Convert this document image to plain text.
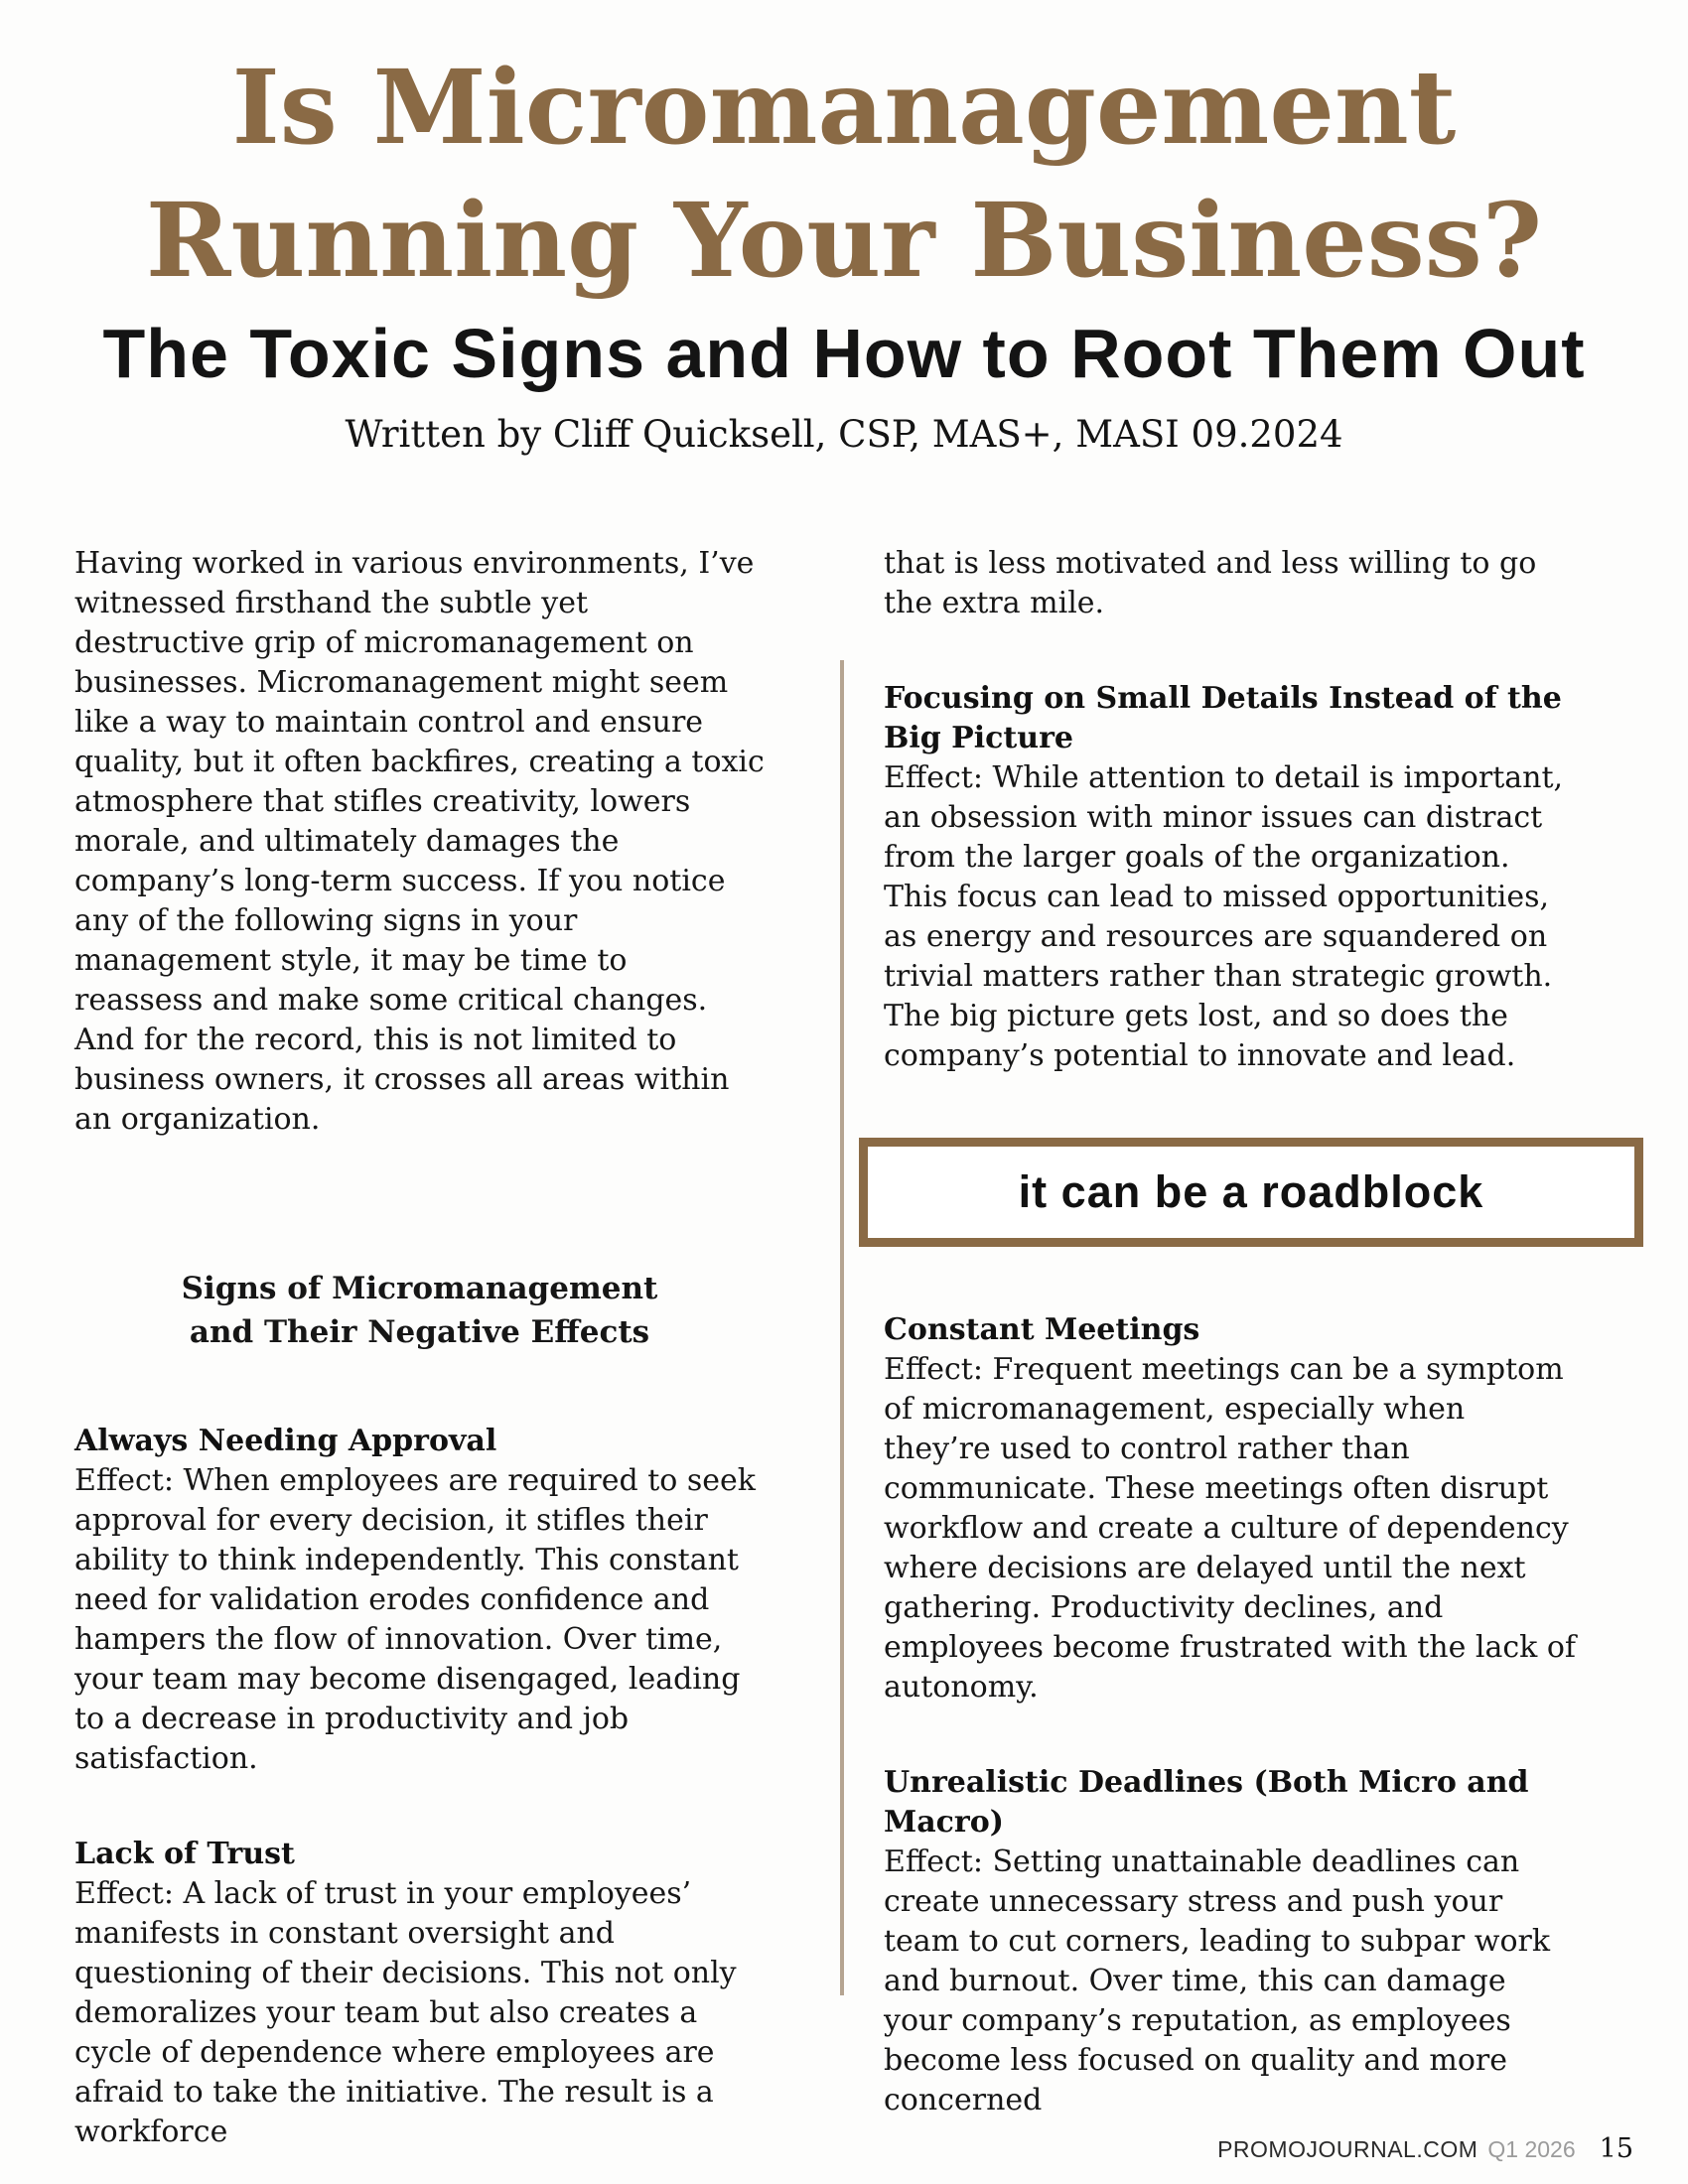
Is Micromanagement
Running Your Business?
The Toxic Signs and How to Root Them Out
Written by Cliff Quicksell, CSP, MAS+, MASI 09.2024

Having worked in various environments, I’ve witnessed firsthand the subtle yet destructive grip of micromanagement on businesses. Micromanagement might seem like a way to maintain control and ensure quality, but it often backfires, creating a toxic atmosphere that stifles creativity, lowers morale, and ultimately damages the company’s long-term success. If you notice any of the following signs in your management style, it may be time to reassess and make some critical changes. And for the record, this is not limited to business owners, it crosses all areas within an organization.

Signs of Micromanagement
and Their Negative Effects

Always Needing Approval

Effect: When employees are required to seek approval for every decision, it stifles their ability to think independently. This constant need for validation erodes confidence and hampers the flow of innovation. Over time, your team may become disengaged, leading to a decrease in productivity and job satisfaction.

Lack of Trust

Effect: A lack of trust in your employees’ manifests in constant oversight and questioning of their decisions. This not only demoralizes your team but also creates a cycle of dependence where employees are afraid to take the initiative. The result is a workforce

that is less motivated and less willing to go the extra mile.

Focusing on Small Details Instead of the Big Picture

Effect: While attention to detail is important, an obsession with minor issues can distract from the larger goals of the organization. This focus can lead to missed opportunities, as energy and resources are squandered on trivial matters rather than strategic growth. The big picture gets lost, and so does the company’s potential to innovate and lead.

it can be a roadblock

Constant Meetings

Effect: Frequent meetings can be a symptom of micromanagement, especially when they’re used to control rather than communicate. These meetings often disrupt workflow and create a culture of dependency where decisions are delayed until the next gathering. Productivity declines, and employees become frustrated with the lack of autonomy.

Unrealistic Deadlines (Both Micro and Macro)

Effect: Setting unattainable deadlines can create unnecessary stress and push your team to cut corners, leading to subpar work and burnout. Over time, this can damage your company’s reputation, as employees become less focused on quality and more concerned

PROMOJOURNAL.COM Q1 2026 15
